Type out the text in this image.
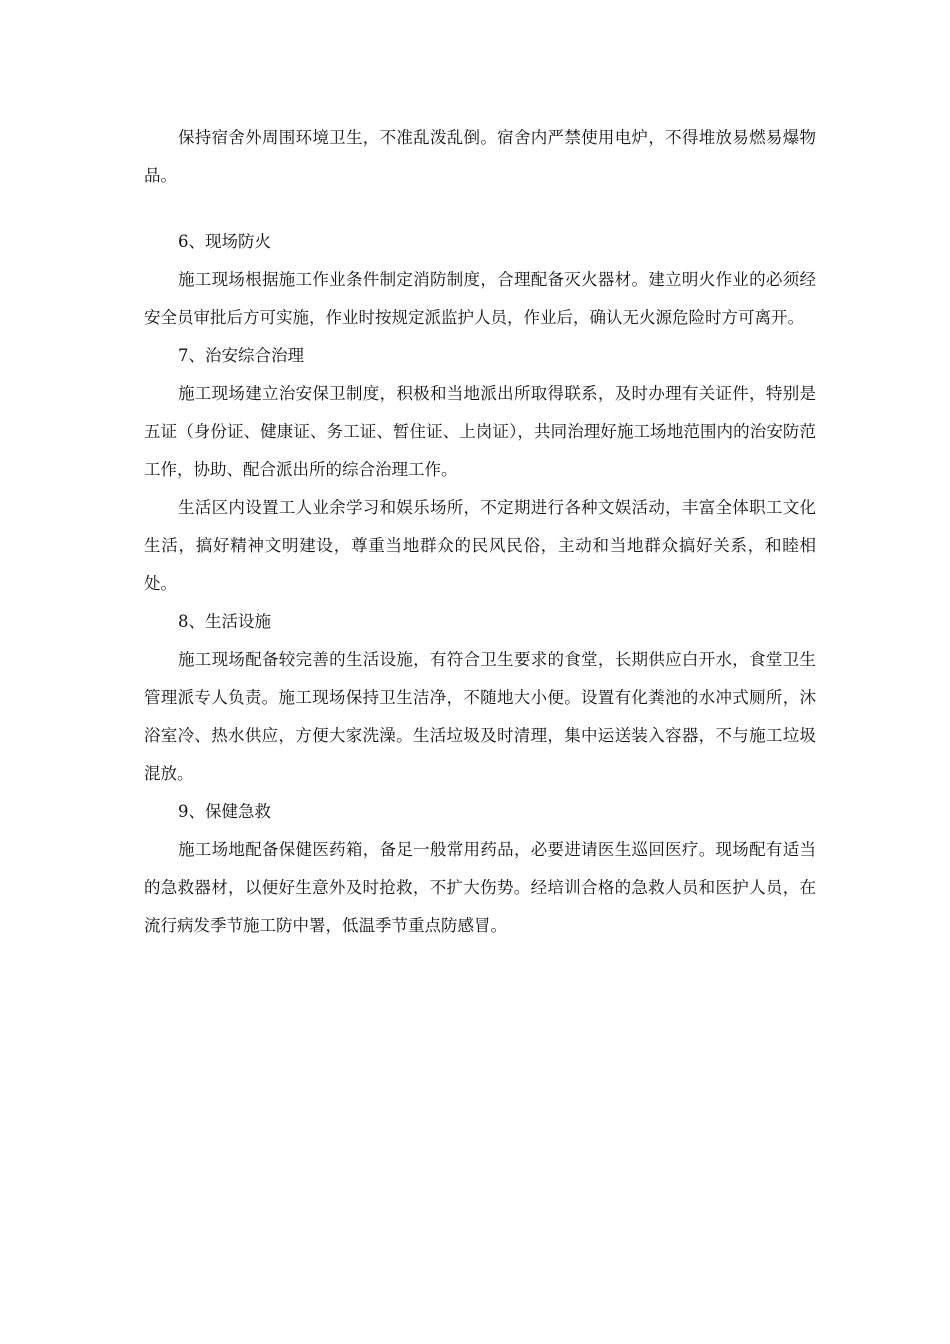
保持宿舍外周围环境卫生，不准乱泼乱倒。宿舍内严禁使用电炉，不得堆放易燃易爆物品。

6、现场防火

施工现场根据施工作业条件制定消防制度，合理配备灭火器材。建立明火作业的必须经安全员审批后方可实施，作业时按规定派监护人员，作业后，确认无火源危险时方可离开。

7、治安综合治理

施工现场建立治安保卫制度，积极和当地派出所取得联系，及时办理有关证件，特别是五证（身份证、健康证、务工证、暂住证、上岗证），共同治理好施工场地范围内的治安防范工作，协助、配合派出所的综合治理工作。

生活区内设置工人业余学习和娱乐场所，不定期进行各种文娱活动，丰富全体职工文化生活，搞好精神文明建设，尊重当地群众的民风民俗，主动和当地群众搞好关系，和睦相处。

8、生活设施

施工现场配备较完善的生活设施，有符合卫生要求的食堂，长期供应白开水，食堂卫生管理派专人负责。施工现场保持卫生洁净，不随地大小便。设置有化粪池的水冲式厕所，沐浴室冷、热水供应，方便大家洗澡。生活垃圾及时清理，集中运送装入容器，不与施工垃圾混放。

9、保健急救

施工场地配备保健医药箱，备足一般常用药品，必要进请医生巡回医疗。现场配有适当的急救器材，以便好生意外及时抢救，不扩大伤势。经培训合格的急救人员和医护人员，在流行病发季节施工防中署，低温季节重点防感冒。
